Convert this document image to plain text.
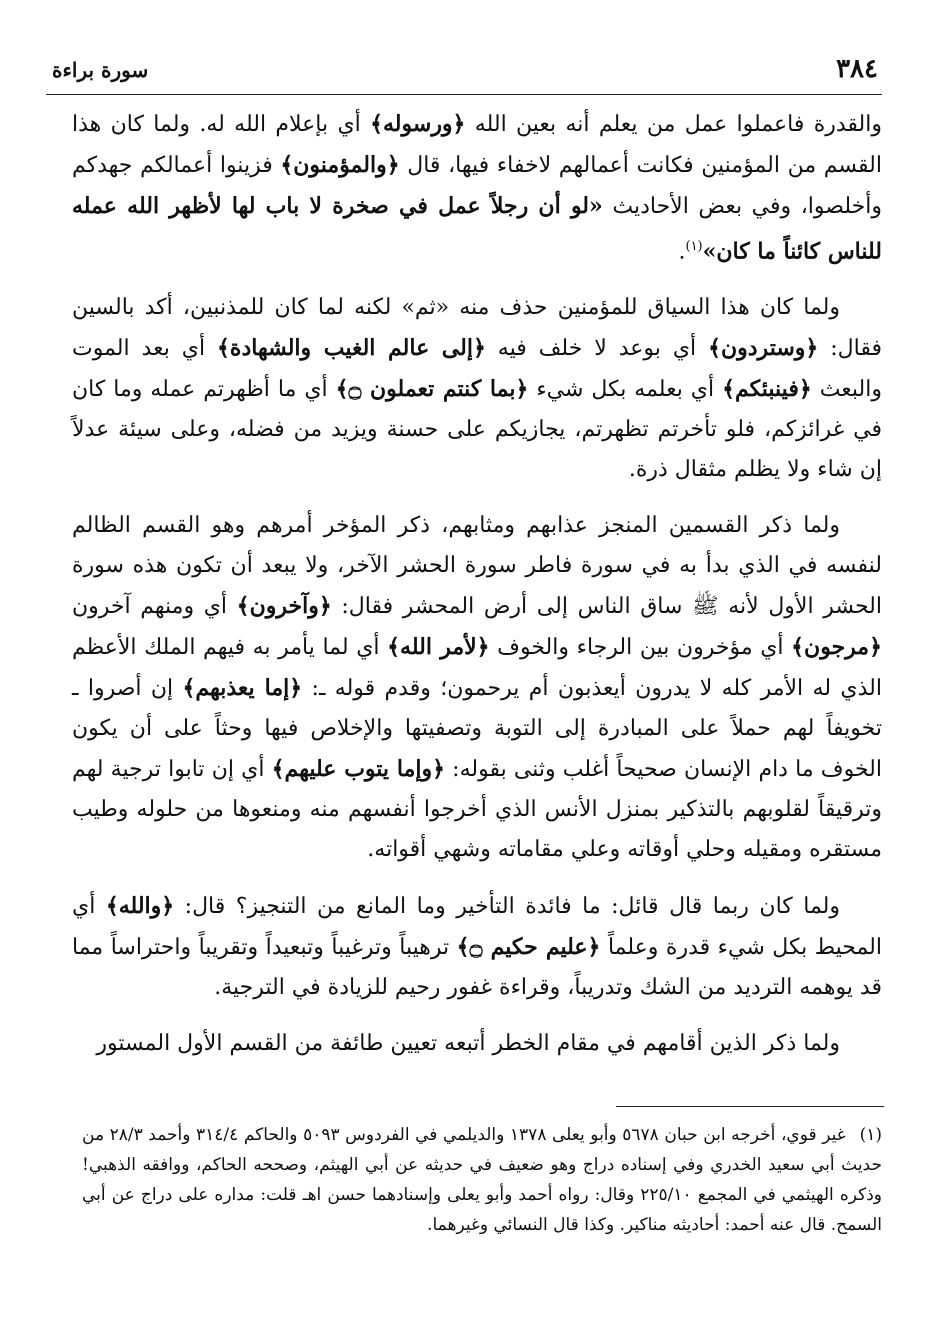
٣٨٤
سورة براءة

والقدرة فاعملوا عمل من يعلم أنه بعين الله ﴿ورسوله﴾ أي بإعلام الله له. ولما كان هذا القسم من المؤمنين فكانت أعمالهم لاخفاء فيها، قال ﴿والمؤمنون﴾ فزينوا أعمالكم جهدكم وأخلصوا، وفي بعض الأحاديث «لو أن رجلاً عمل في صخرة لا باب لها لأظهر الله عمله للناس كائناً ما كان»$^{(١)}$.

ولما كان هذا السياق للمؤمنين حذف منه «ثم» لكنه لما كان للمذنبين، أكد بالسين فقال: ﴿وستردون﴾ أي بوعد لا خلف فيه ﴿إلى عالم الغيب والشهادة﴾ أي بعد الموت والبعث ﴿فينبئكم﴾ أي بعلمه بكل شيء ﴿بما كنتم تعملون ۝﴾ أي ما أظهرتم عمله وما كان في غرائزكم، فلو تأخرتم تظهرتم، يجازيكم على حسنة ويزيد من فضله، وعلى سيئة عدلاً إن شاء ولا يظلم مثقال ذرة.

ولما ذكر القسمين المنجز عذابهم ومثابهم، ذكر المؤخر أمرهم وهو القسم الظالم لنفسه في الذي بدأ به في سورة فاطر سورة الحشر الآخر، ولا يبعد أن تكون هذه سورة الحشر الأول لأنه ﷺ ساق الناس إلى أرض المحشر فقال: ﴿وآخرون﴾ أي ومنهم آخرون ﴿مرجون﴾ أي مؤخرون بين الرجاء والخوف ﴿لأمر الله﴾ أي لما يأمر به فيهم الملك الأعظم الذي له الأمر كله لا يدرون أيعذبون أم يرحمون؛ وقدم قوله ـ: ﴿إما يعذبهم﴾ إن أصروا ـ تخويفاً لهم حملاً على المبادرة إلى التوبة وتصفيتها والإخلاص فيها وحثاً على أن يكون الخوف ما دام الإنسان صحيحاً أغلب وثنى بقوله: ﴿وإما يتوب عليهم﴾ أي إن تابوا ترجية لهم وترقيقاً لقلوبهم بالتذكير بمنزل الأنس الذي أخرجوا أنفسهم منه ومنعوها من حلوله وطيب مستقره ومقيله وحلي أوقاته وعلي مقاماته وشهي أقواته.

ولما كان ربما قال قائل: ما فائدة التأخير وما المانع من التنجيز؟ قال: ﴿والله﴾ أي المحيط بكل شيء قدرة وعلماً ﴿عليم حكيم ۝﴾ ترهيباً وترغيباً وتبعيداً وتقريباً واحتراساً مما قد يوهمه الترديد من الشك وتدريباً، وقراءة غفور رحيم للزيادة في الترجية.

ولما ذكر الذين أقامهم في مقام الخطر أتبعه تعيين طائفة من القسم الأول المستور

(١)غير قوي، أخرجه ابن حبان ٥٦٧٨ وأبو يعلى ١٣٧٨ والديلمي في الفردوس ٥٠٩٣ والحاكم ٣١٤/٤ وأحمد ٢٨/٣ من حديث أبي سعيد الخدري وفي إسناده دراج وهو ضعيف في حديثه عن أبي الهيثم، وصححه الحاكم، ووافقه الذهبي! وذكره الهيثمي في المجمع ٢٢٥/١٠ وقال: رواه أحمد وأبو يعلى وإسنادهما حسن اهـ قلت: مداره على دراج عن أبي السمح. قال عنه أحمد: أحاديثه مناكير. وكذا قال النسائي وغيرهما.
